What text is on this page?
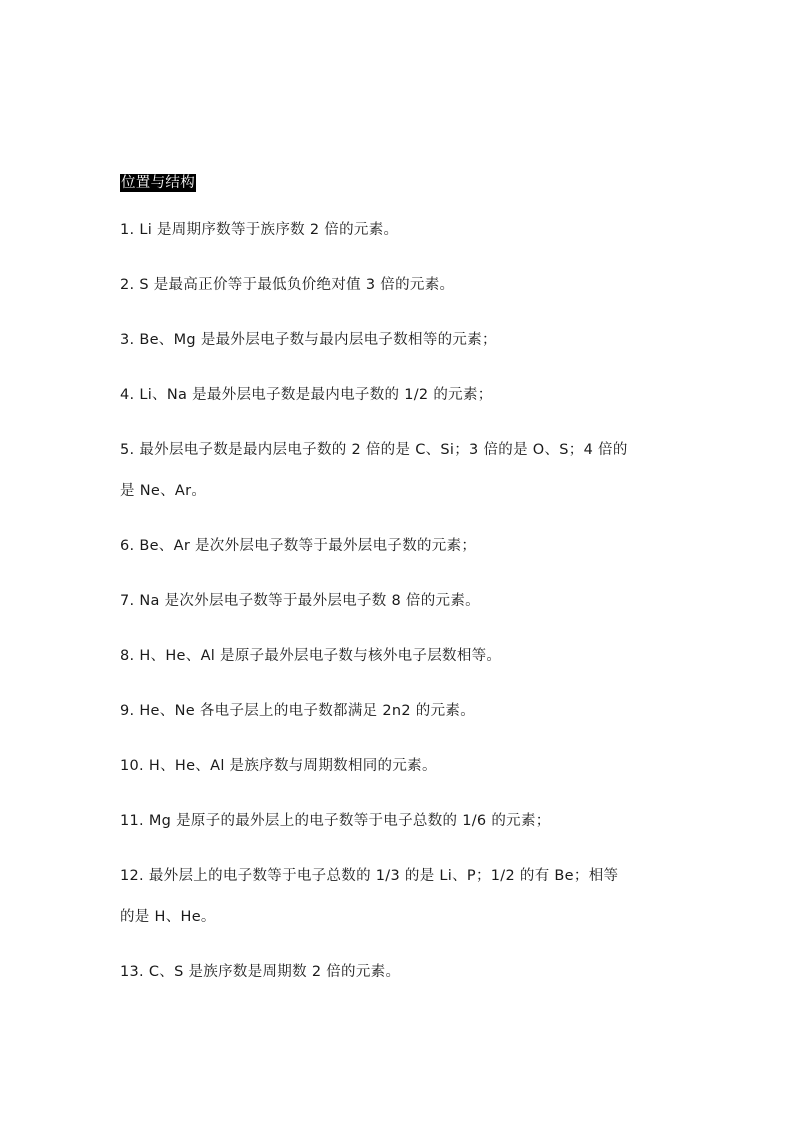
位置与结构
1. Li 是周期序数等于族序数 2 倍的元素。
2. S 是最高正价等于最低负价绝对值 3 倍的元素。
3. Be、Mg 是最外层电子数与最内层电子数相等的元素；
4. Li、Na 是最外层电子数是最内电子数的 1/2 的元素；
5. 最外层电子数是最内层电子数的 2 倍的是 C、Si；3 倍的是 O、S；4 倍的
是 Ne、Ar。
6. Be、Ar 是次外层电子数等于最外层电子数的元素；
7. Na 是次外层电子数等于最外层电子数 8 倍的元素。
8. H、He、Al 是原子最外层电子数与核外电子层数相等。
9. He、Ne 各电子层上的电子数都满足 2n2 的元素。
10. H、He、Al 是族序数与周期数相同的元素。
11. Mg 是原子的最外层上的电子数等于电子总数的 1/6 的元素；
12. 最外层上的电子数等于电子总数的 1/3 的是 Li、P；1/2 的有 Be；相等
的是 H、He。
13. C、S 是族序数是周期数 2 倍的元素。
